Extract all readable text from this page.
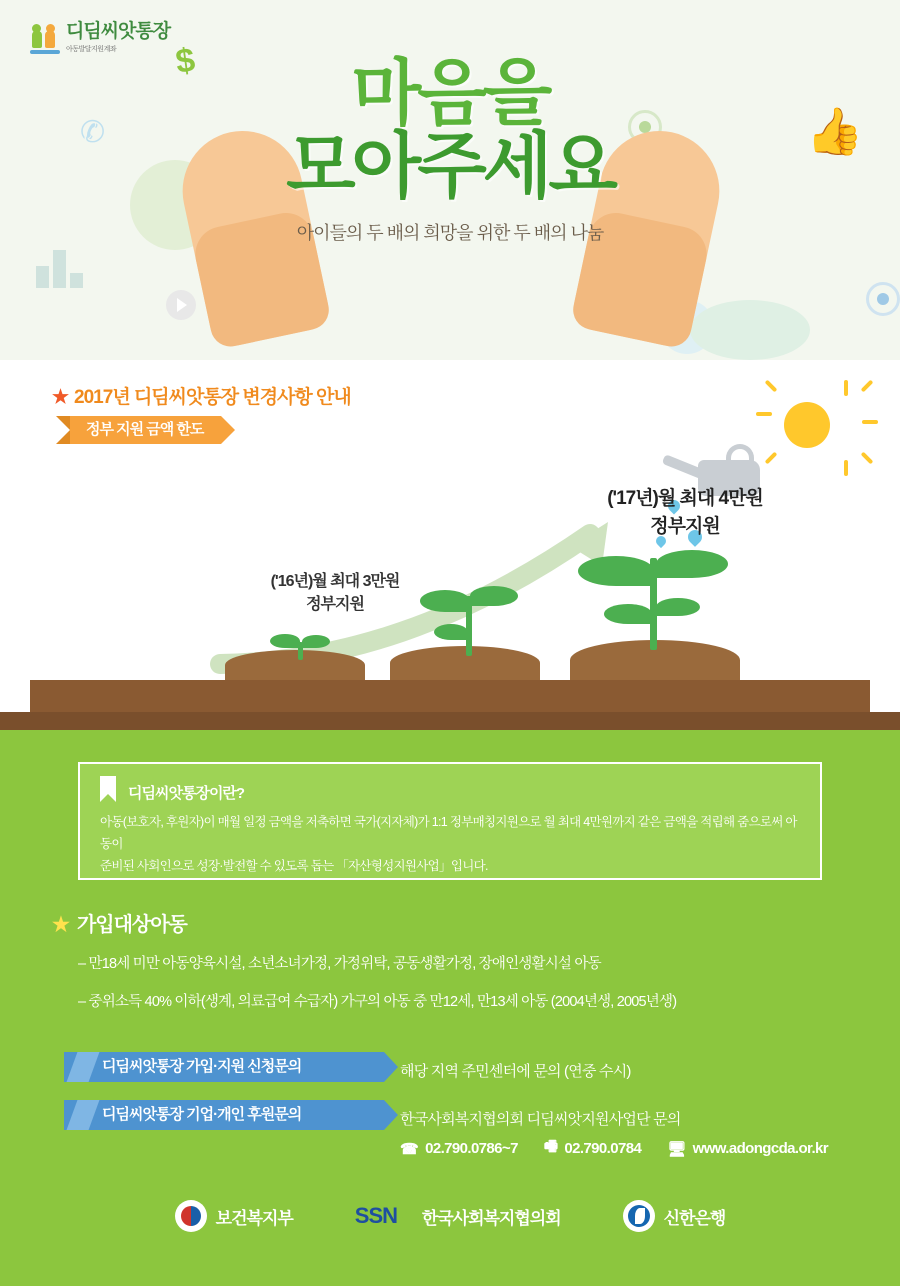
$
✆	👍
디딤씨앗통장
아동발달지원계좌
마음을
모아주세요
아이들의 두 배의 희망을 위한 두 배의 나눔
★ 2017년 디딤씨앗통장 변경사항 안내
정부 지원 금액 한도
('16년)월 최대 3만원
정부지원
('17년)월 최대 4만원
정부지원
디딤씨앗통장이란?
아동(보호자, 후원자)이 매월 일정 금액을 저축하면 국가(지자체)가 1:1 정부매칭지원으로 월 최대 4만원까지 같은 금액을 적립해 줌으로써 아동이
준비된 사회인으로 성장·발전할 수 있도록 돕는 「자산형성지원사업」입니다.
★ 가입대상아동
– 만18세 미만 아동양육시설, 소년소녀가정, 가정위탁, 공동생활가정, 장애인생활시설 아동
– 중위소득 40% 이하(생계, 의료급여 수급자) 가구의 아동 중 만12세, 만13세 아동 (2004년생, 2005년생)
디딤씨앗통장 가입·지원 신청문의	해당 지역 주민센터에 문의 (연중 수시)
디딤씨앗통장 기업·개인 후원문의	한국사회복지협의회 디딤씨앗지원사업단 문의
☎ 02.790.0786~7 🖷 02.790.0784 🖥 www.adongcda.or.kr
보건복지부	SSN✓ 한국사회복지협의회	신한은행
